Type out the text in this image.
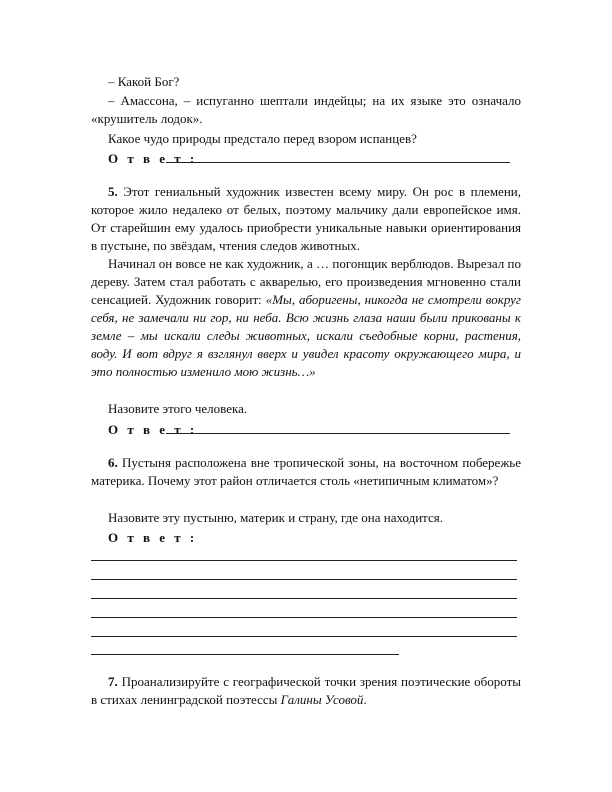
– Какой Бог?

– Амассона, – испуганно шептали индейцы; на их языке это означало «крушитель лодок».

Какое чудо природы предстало перед взором испанцев?
О т в е т :

5. Этот гениальный художник известен всему миру. Он рос в племени, которое жило недалеко от белых, поэтому мальчику дали европейское имя. От старейшин ему удалось приобрести уникальные навыки ориентирования в пустыне, по звёздам, чтения следов животных.

Начинал он вовсе не как художник, а … погонщик верблюдов. Вырезал по дереву. Затем стал работать с акварелью, его произведения мгновенно стали сенсацией. Художник говорит: «Мы, аборигены, никогда не смотрели вокруг себя, не замечали ни гор, ни неба. Всю жизнь глаза наши были прикованы к земле – мы искали следы животных, искали съедобные корни, растения, воду. И вот вдруг я взглянул вверх и увидел красоту окружающего мира, и это полностью изменило мою жизнь…»

Назовите этого человека.
О т в е т :

6. Пустыня расположена вне тропической зоны, на восточном побережье материка. Почему этот район отличается столь «нетипичным климатом»?

Назовите эту пустыню, материк и страну, где она находится.
О т в е т :

7. Проанализируйте с географической точки зрения поэтические обороты в стихах ленинградской поэтессы Галины Усовой.
